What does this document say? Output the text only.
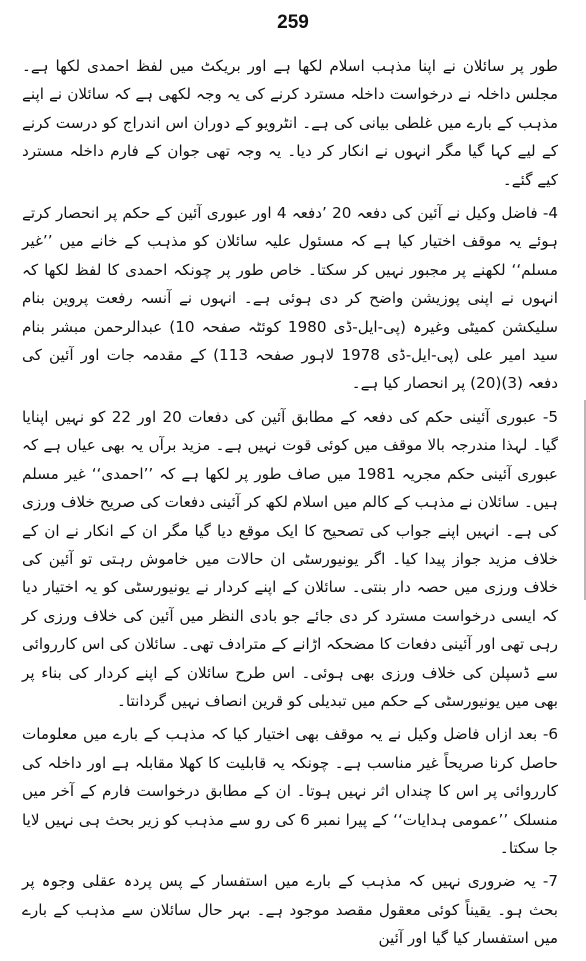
259

طور پر سائلان نے اپنا مذہب اسلام لکھا ہے اور بریکٹ میں لفظ احمدی لکھا ہے۔ مجلس داخلہ نے درخواست داخلہ مسترد کرنے کی یہ وجہ لکھی ہے کہ سائلان نے اپنے مذہب کے بارے میں غلطی بیانی کی ہے۔ انٹرویو کے دوران اس اندراج کو درست کرنے کے لیے کہا گیا مگر انہوں نے انکار کر دیا۔ یہ وجہ تھی جوان کے فارم داخلہ مسترد کیے گئے۔

4- فاضل وکیل نے آئین کی دفعہ 20 ’دفعہ 4 اور عبوری آئین کے حکم پر انحصار کرتے ہوئے یہ موقف اختیار کیا ہے کہ مسئول علیہ سائلان کو مذہب کے خانے میں ’’غیر مسلم‘‘ لکھنے پر مجبور نہیں کر سکتا۔ خاص طور پر چونکہ احمدی کا لفظ لکھا کہ انہوں نے اپنی پوزیشن واضح کر دی ہوئی ہے۔ انہوں نے آنسہ رفعت پروین بنام سلیکشن کمیٹی وغیرہ (پی-ایل-ڈی 1980 کوئٹہ صفحہ 10) عبدالرحمن مبشر بنام سید امیر علی (پی-ایل-ڈی 1978 لاہور صفحہ 113) کے مقدمہ جات اور آئین کی دفعہ (3)(20) پر انحصار کیا ہے۔

5- عبوری آئینی حکم کی دفعہ کے مطابق آئین کی دفعات 20 اور 22 کو نہیں اپنایا گیا۔ لہذا مندرجہ بالا موقف میں کوئی قوت نہیں ہے۔ مزید برآں یہ بھی عیاں ہے کہ عبوری آئینی حکم مجریہ 1981 میں صاف طور پر لکھا ہے کہ ’’احمدی‘‘ غیر مسلم ہیں۔ سائلان نے مذہب کے کالم میں اسلام لکھ کر آئینی دفعات کی صریح خلاف ورزی کی ہے۔ انہیں اپنے جواب کی تصحیح کا ایک موقع دیا گیا مگر ان کے انکار نے ان کے خلاف مزید جواز پیدا کیا۔ اگر یونیورسٹی ان حالات میں خاموش رہتی تو آئین کی خلاف ورزی میں حصہ دار بنتی۔ سائلان کے اپنے کردار نے یونیورسٹی کو یہ اختیار دیا کہ ایسی درخواست مسترد کر دی جائے جو بادی النظر میں آئین کی خلاف ورزی کر رہی تھی اور آئینی دفعات کا مضحکہ اڑانے کے مترادف تھی۔ سائلان کی اس کارروائی سے ڈسپلن کی خلاف ورزی بھی ہوئی۔ اس طرح سائلان کے اپنے کردار کی بناء پر بھی میں یونیورسٹی کے حکم میں تبدیلی کو قرین انصاف نہیں گردانتا۔

6- بعد ازاں فاضل وکیل نے یہ موقف بھی اختیار کیا کہ مذہب کے بارے میں معلومات حاصل کرنا صریحاً غیر مناسب ہے۔ چونکہ یہ قابلیت کا کھلا مقابلہ ہے اور داخلہ کی کارروائی پر اس کا چنداں اثر نہیں ہوتا۔ ان کے مطابق درخواست فارم کے آخر میں منسلک ’’عمومی ہدایات‘‘ کے پیرا نمبر 6 کی رو سے مذہب کو زیر بحث ہی نہیں لایا جا سکتا۔

7- یہ ضروری نہیں کہ مذہب کے بارے میں استفسار کے پس پردہ عقلی وجوہ پر بحث ہو۔ یقیناً کوئی معقول مقصد موجود ہے۔ بہر حال سائلان سے مذہب کے بارے میں استفسار کیا گیا اور آئین
